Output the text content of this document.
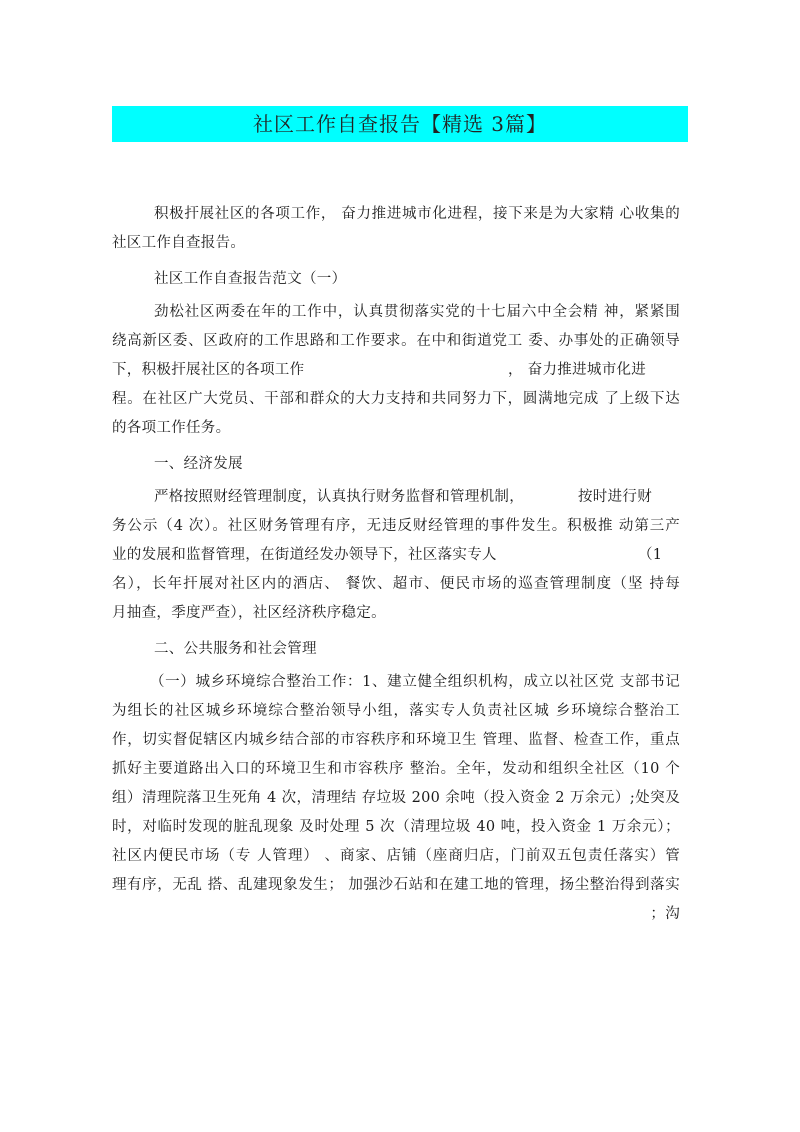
社区工作自查报告【精选 3篇】
积极扞展社区的各项工作， 奋力推进城市化进程，接下来是为大家精 心收集的
社区工作自查报告。
社区工作自查报告范文（一）
劲松社区两委在年的工作中，认真贯彻落实党的十七届六中全会精 神，紧紧围
绕高新区委、区政府的工作思路和工作要求。在中和街道党工 委、办事处的正确领导
下，积极扞展社区的各项工作	， 奋力推进城市化进
程。在社区广大党员、干部和群众的大力支持和共同努力下，圆满地完成 了上级下达
的各项工作任务。
一、经济发展
严格按照财经管理制度，认真执行财务监督和管理机制，	按时进行财
务公示（4 次）。社区财务管理有序，无违反财经管理的事件发生。积极推 动第三产
业的发展和监督管理，在街道经发办领导下，社区落实专人	（1
名），长年扞展对社区内的酒店、 餐饮、超市、便民市场的巡查管理制度（坚 持每
月抽查，季度严查），社区经济秩序稳定。
二、公共服务和社会管理
（一）城乡环境综合整治工作：1、建立健全组织机构，成立以社区党 支部书记
为组长的社区城乡环境综合整治领导小组，落实专人负责社区城 乡环境综合整治工
作，切实督促辖区内城乡结合部的市容秩序和环境卫生 管理、监督、检查工作，重点
抓好主要道路出入口的环境卫生和市容秩序 整治。全年，发动和组织全社区（10 个
组）清理院落卫生死角 4 次，清理结 存垃圾 200 余吨（投入资金 2 万余元）;处突及
时，对临时发现的脏乱现象 及时处理 5 次（清理垃圾 40 吨，投入资金 1 万余元）；
社区内便民市场（专 人管理） 、商家、店铺（座商归店，门前双五包责任落实）管
理有序，无乱 搭、乱建现象发生； 加强沙石站和在建工地的管理，扬尘整治得到落实
；沟
